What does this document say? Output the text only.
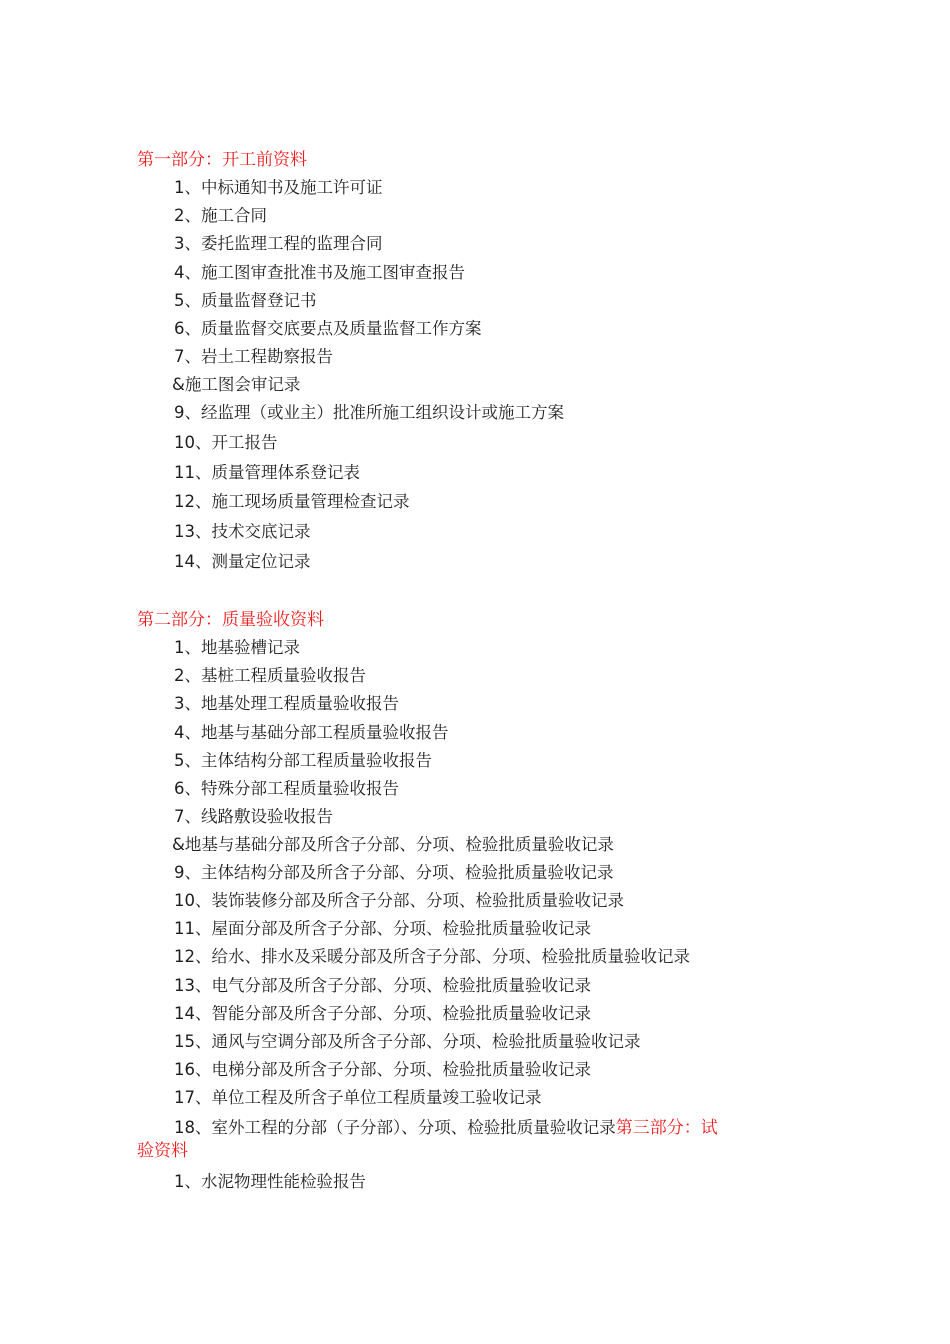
第一部分：开工前资料
1、中标通知书及施工许可证
2、施工合同
3、委托监理工程的监理合同
4、施工图审查批准书及施工图审查报告
5、质量监督登记书
6、质量监督交底要点及质量监督工作方案
7、岩土工程勘察报告
&施工图会审记录
9、经监理（或业主）批准所施工组织设计或施工方案
10、开工报告
11、质量管理体系登记表
12、施工现场质量管理检查记录
13、技术交底记录
14、测量定位记录
第二部分：质量验收资料
1、地基验槽记录
2、基桩工程质量验收报告
3、地基处理工程质量验收报告
4、地基与基础分部工程质量验收报告
5、主体结构分部工程质量验收报告
6、特殊分部工程质量验收报告
7、线路敷设验收报告
&地基与基础分部及所含子分部、分项、检验批质量验收记录
9、主体结构分部及所含子分部、分项、检验批质量验收记录
10、装饰装修分部及所含子分部、分项、检验批质量验收记录
11、屋面分部及所含子分部、分项、检验批质量验收记录
12、给水、排水及采暖分部及所含子分部、分项、检验批质量验收记录
13、电气分部及所含子分部、分项、检验批质量验收记录
14、智能分部及所含子分部、分项、检验批质量验收记录
15、通风与空调分部及所含子分部、分项、检验批质量验收记录
16、电梯分部及所含子分部、分项、检验批质量验收记录
17、单位工程及所含子单位工程质量竣工验收记录
18、室外工程的分部（子分部）、分项、检验批质量验收记录第三部分：试
验资料
1、水泥物理性能检验报告
